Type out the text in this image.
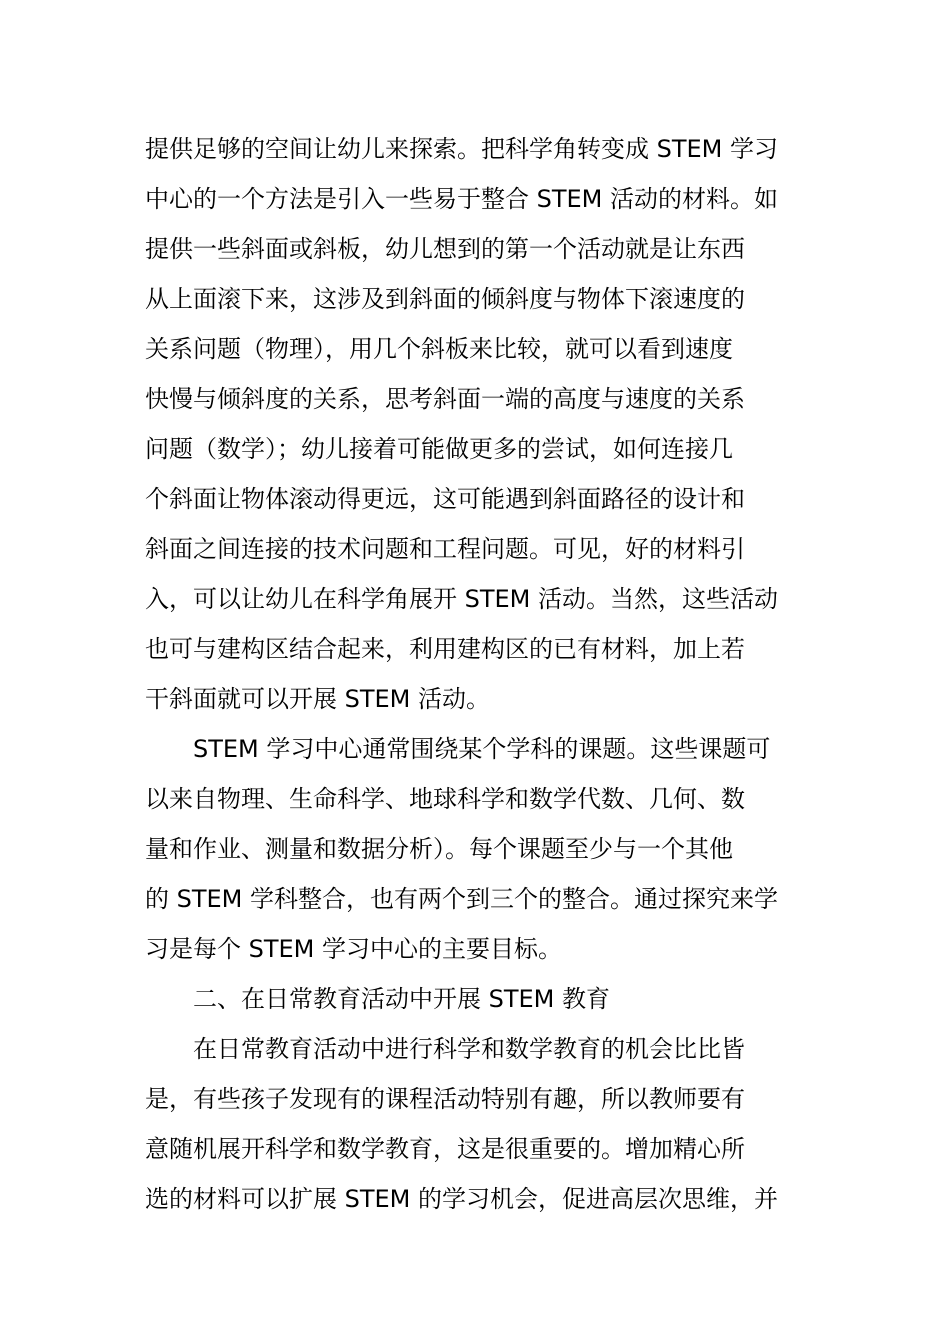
提供足够的空间让幼儿来探索。把科学角转变成 STEM 学习
中心的一个方法是引入一些易于整合 STEM 活动的材料。如
提供一些斜面或斜板，幼儿想到的第一个活动就是让东西
从上面滚下来，这涉及到斜面的倾斜度与物体下滚速度的
关系问题（物理），用几个斜板来比较，就可以看到速度
快慢与倾斜度的关系，思考斜面一端的高度与速度的关系
问题（数学）；幼儿接着可能做更多的尝试，如何连接几
个斜面让物体滚动得更远，这可能遇到斜面路径的设计和
斜面之间连接的技术问题和工程问题。可见，好的材料引
入，可以让幼儿在科学角展开 STEM 活动。当然，这些活动
也可与建构区结合起来，利用建构区的已有材料，加上若
干斜面就可以开展 STEM 活动。
STEM 学习中心通常围绕某个学科的课题。这些课题可
以来自物理、生命科学、地球科学和数学代数、几何、数
量和作业、测量和数据分析）。每个课题至少与一个其他
的 STEM 学科整合，也有两个到三个的整合。通过探究来学
习是每个 STEM 学习中心的主要目标。
二、在日常教育活动中开展 STEM 教育
在日常教育活动中进行科学和数学教育的机会比比皆
是，有些孩子发现有的课程活动特别有趣，所以教师要有
意随机展开科学和数学教育，这是很重要的。增加精心所
选的材料可以扩展 STEM 的学习机会，促进高层次思维，并
